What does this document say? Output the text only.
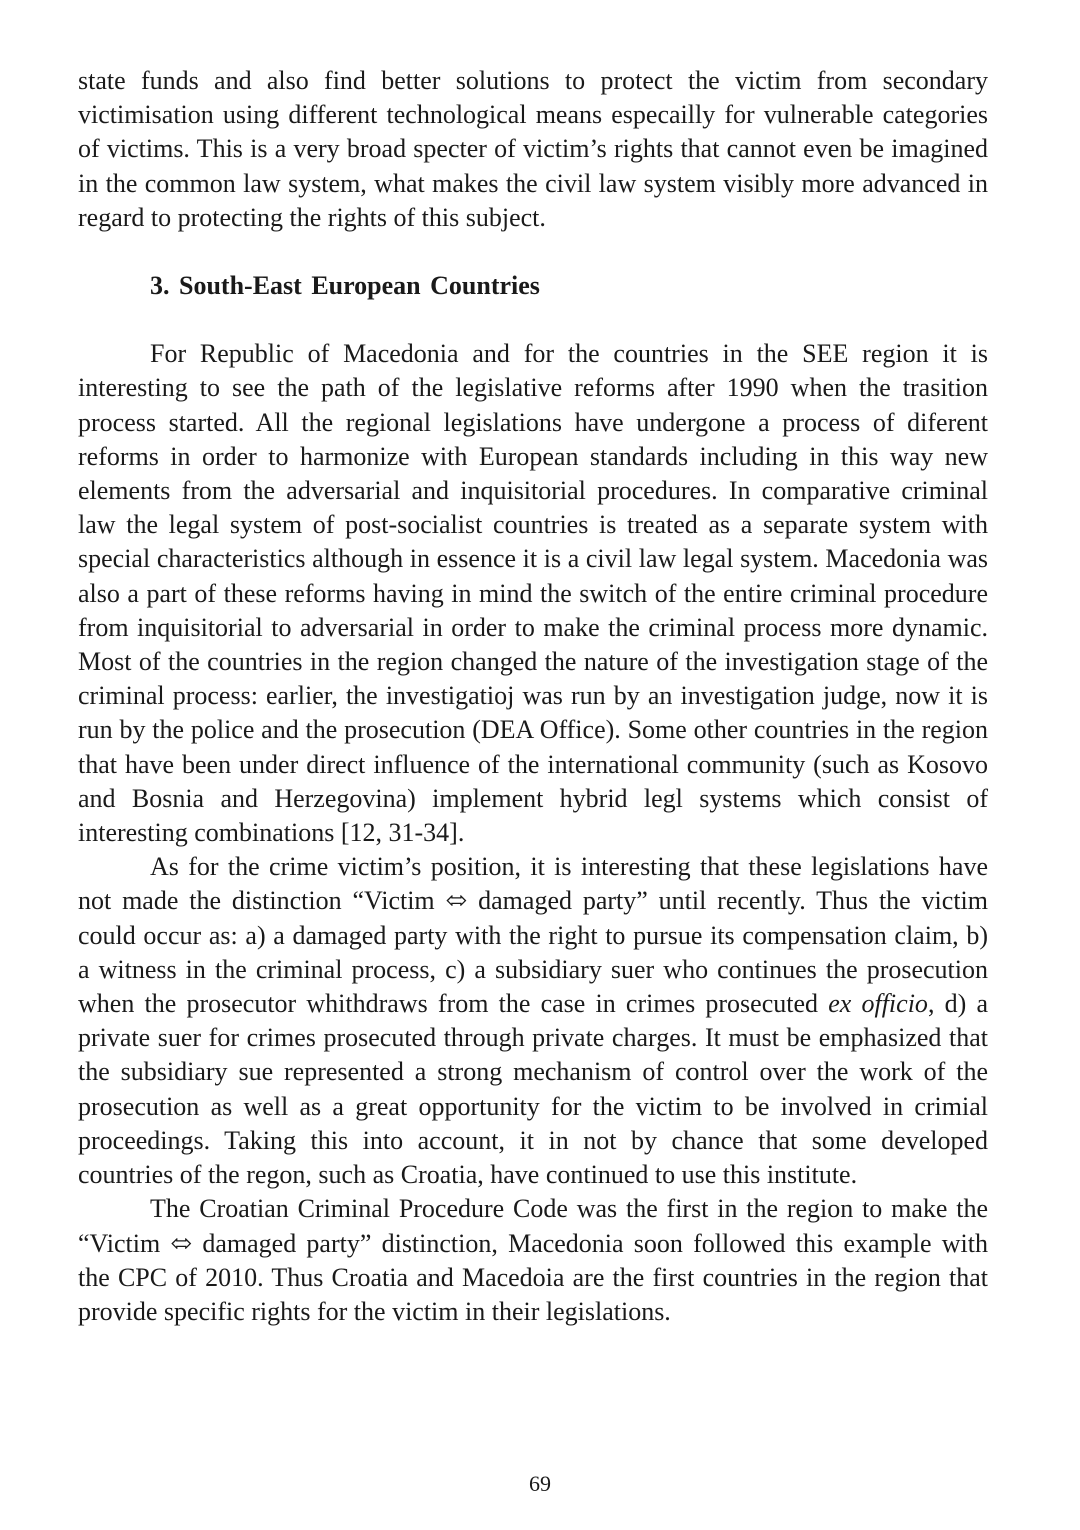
state funds and also find better solutions to protect the victim from secondary victimisation using different technological means especailly for vulnerable categories of victims. This is a very broad specter of victim’s rights that cannot even be imagined in the common law system, what makes the civil law system visibly more advanced in regard to protecting the rights of this subject.

3. South-East European Countries

For Republic of Macedonia and for the countries in the SEE region it is interesting to see the path of the legislative reforms after 1990 when the trasition process started. All the regional legislations have undergone a process of diferent reforms in order to harmonize with European standards including in this way new elements from the adversarial and inquisitorial procedures. In comparative criminal law the legal system of post-socialist countries is treated as a separate system with special characteristics although in essence it is a civil law legal system. Macedonia was also a part of these reforms having in mind the switch of the entire criminal procedure from inquisitorial to adversarial in order to make the criminal process more dynamic. Most of the countries in the region changed the nature of the investigation stage of the criminal process: earlier, the investigatioj was run by an investigation judge, now it is run by the police and the prosecution (DEA Office). Some other countries in the region that have been under direct influence of the international community (such as Kosovo and Bosnia and Herzegovina) implement hybrid legl systems which consist of interesting combinations [12, 31-34].

As for the crime victim’s position, it is interesting that these legislations have not made the distinction “Victim ⬄ damaged party” until recently. Thus the victim could occur as: a) a damaged party with the right to pursue its compensation claim, b) a witness in the criminal process, c) a subsidiary suer who continues the prosecution when the prosecutor whithdraws from the case in crimes prosecuted ex officio, d) a private suer for crimes prosecuted through private charges. It must be emphasized that the subsidiary sue represented a strong mechanism of control over the work of the prosecution as well as a great opportunity for the victim to be involved in crimial proceedings. Taking this into account, it in not by chance that some developed countries of the regon, such as Croatia, have continued to use this institute.

The Croatian Criminal Procedure Code was the first in the region to make the “Victim ⬄ damaged party” distinction, Macedonia soon followed this example with the CPC of 2010. Thus Croatia and Macedoia are the first countries in the region that provide specific rights for the victim in their legislations.

69
